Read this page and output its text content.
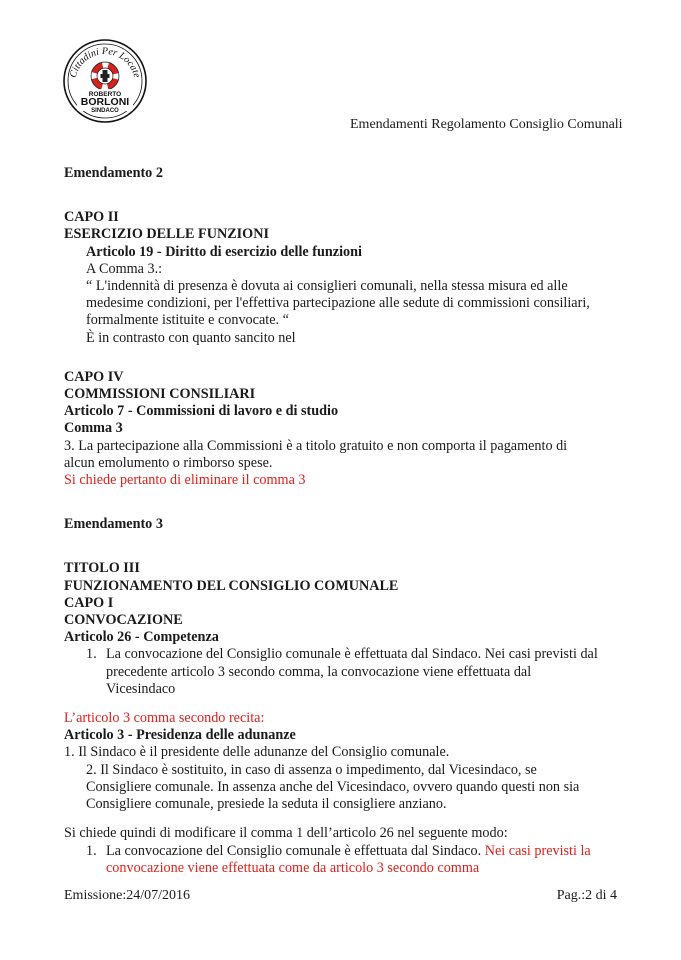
Cittadini Per Locate
ROBERTO
BORLONI
SINDACO
Emendamenti Regolamento Consiglio Comunali

Emendamento 2

CAPO II

ESERCIZIO DELLE FUNZIONI

Articolo 19 - Diritto di esercizio delle funzioni

A Comma 3.:

“ L'indennità di presenza è dovuta ai consiglieri comunali, nella stessa misura ed alle

medesime condizioni, per l'effettiva partecipazione alle sedute di commissioni consiliari,

formalmente istituite e convocate. “

È in contrasto con quanto sancito nel

CAPO IV

COMMISSIONI CONSILIARI

Articolo 7 - Commissioni di lavoro e di studio

Comma 3

3. La partecipazione alla Commissioni è a titolo gratuito e non comporta il pagamento di

alcun emolumento o rimborso spese.

Si chiede pertanto di eliminare il comma 3

Emendamento 3

TITOLO III

FUNZIONAMENTO DEL CONSIGLIO COMUNALE

CAPO I

CONVOCAZIONE

Articolo 26 - Competenza

1. La convocazione del Consiglio comunale è effettuata dal Sindaco. Nei casi previsti dal

precedente articolo 3 secondo comma, la convocazione viene effettuata dal

Vicesindaco

L’articolo 3 comma secondo recita:

Articolo 3 - Presidenza delle adunanze

1. Il Sindaco è il presidente delle adunanze del Consiglio comunale.

2. Il Sindaco è sostituito, in caso di assenza o impedimento, dal Vicesindaco, se

Consigliere comunale. In assenza anche del Vicesindaco, ovvero quando questi non sia

Consigliere comunale, presiede la seduta il consigliere anziano.

Si chiede quindi di modificare il comma 1 dell’articolo 26 nel seguente modo:

1. La convocazione del Consiglio comunale è effettuata dal Sindaco. Nei casi previsti la

convocazione viene effettuata come da articolo 3 secondo comma

Emissione:24/07/2016	Pag.:2 di 4
